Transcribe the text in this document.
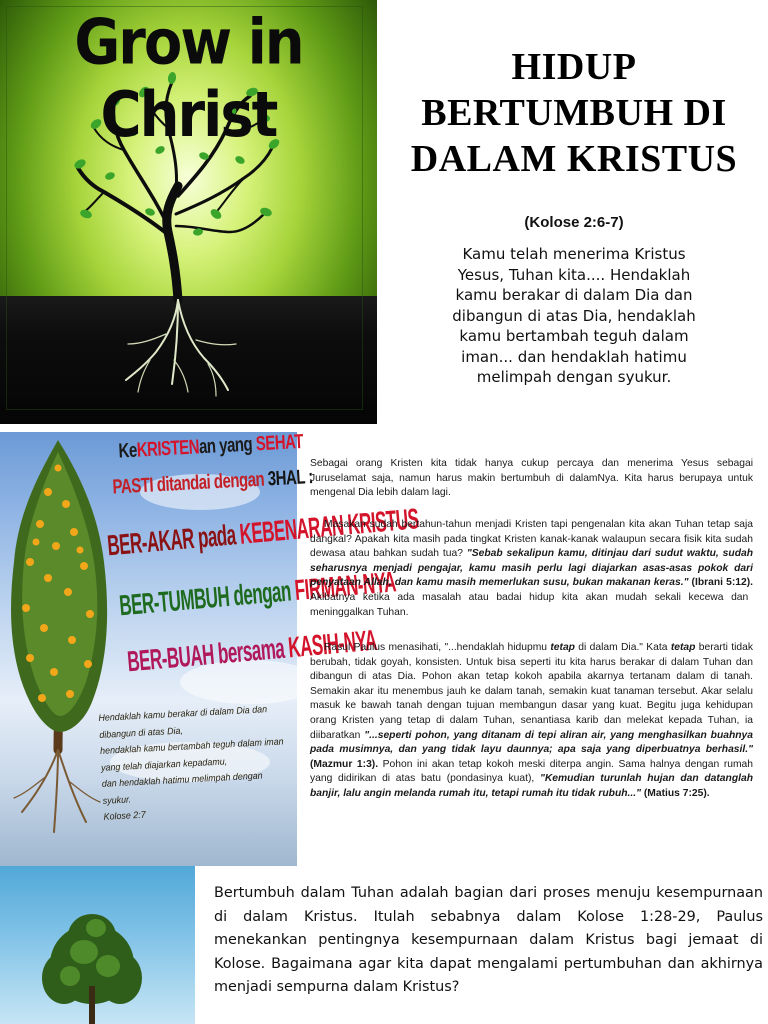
Grow in Christ
HIDUP
BERTUMBUH DI
DALAM KRISTUS
(Kolose 2:6-7)
Kamu telah menerima Kristus Yesus, Tuhan kita.... Hendaklah kamu berakar di dalam Dia dan dibangun di atas Dia, hendaklah kamu bertambah teguh dalam iman... dan hendaklah hatimu melimpah dengan syukur.
KeKRISTENan yang SEHAT
PASTI ditandai dengan 3HAL :
BER-AKAR pada KEBENARAN KRISTUS
BER-TUMBUH dengan FIRMAN-NYA
BER-BUAH bersama KASIH-NYA
Hendaklah kamu berakar di dalam Dia dan dibangun di atas Dia,
hendaklah kamu bertambah teguh dalam iman
yang telah diajarkan kepadamu,
dan hendaklah hatimu melimpah dengan syukur.
Kolose 2:7
Sebagai orang Kristen kita tidak hanya cukup percaya dan menerima Yesus sebagai Juruselamat saja, namun harus makin bertumbuh di dalamNya. Kita harus berupaya untuk mengenal Dia lebih dalam lagi.
Masakan sudah bertahun-tahun menjadi Kristen tapi pengenalan kita akan Tuhan tetap saja dangkal? Apakah kita masih pada tingkat Kristen kanak-kanak walaupun secara fisik kita sudah dewasa atau bahkan sudah tua? "Sebab sekalipun kamu, ditinjau dari sudut waktu, sudah seharusnya menjadi pengajar, kamu masih perlu lagi diajarkan asas-asas pokok dari penyataan Allah, dan kamu masih memerlukan susu, bukan makanan keras." (Ibrani 5:12). Akibatnya ketika ada masalah atau badai hidup kita akan mudah sekali kecewa dan meninggalkan Tuhan.
Rasul Paulus menasihati, "...hendaklah hidupmu tetap di dalam Dia." Kata tetap berarti tidak berubah, tidak goyah, konsisten. Untuk bisa seperti itu kita harus berakar di dalam Tuhan dan dibangun di atas Dia. Pohon akan tetap kokoh apabila akarnya tertanam dalam di tanah. Semakin akar itu menembus jauh ke dalam tanah, semakin kuat tanaman tersebut. Akar selalu masuk ke bawah tanah dengan tujuan membangun dasar yang kuat. Begitu juga kehidupan orang Kristen yang tetap di dalam Tuhan, senantiasa karib dan melekat kepada Tuhan, ia diibaratkan "...seperti pohon, yang ditanam di tepi aliran air, yang menghasilkan buahnya pada musimnya, dan yang tidak layu daunnya; apa saja yang diperbuatnya berhasil." (Mazmur 1:3). Pohon ini akan tetap kokoh meski diterpa angin. Sama halnya dengan rumah yang didirikan di atas batu (pondasinya kuat), "Kemudian turunlah hujan dan datanglah banjir, lalu angin melanda rumah itu, tetapi rumah itu tidak rubuh..." (Matius 7:25).
Bertumbuh dalam Tuhan adalah bagian dari proses menuju kesempurnaan di dalam Kristus. Itulah sebabnya dalam Kolose 1:28-29, Paulus menekankan pentingnya kesempurnaan dalam Kristus bagi jemaat di Kolose. Bagaimana agar kita dapat mengalami pertumbuhan dan akhirnya menjadi sempurna dalam Kristus?
